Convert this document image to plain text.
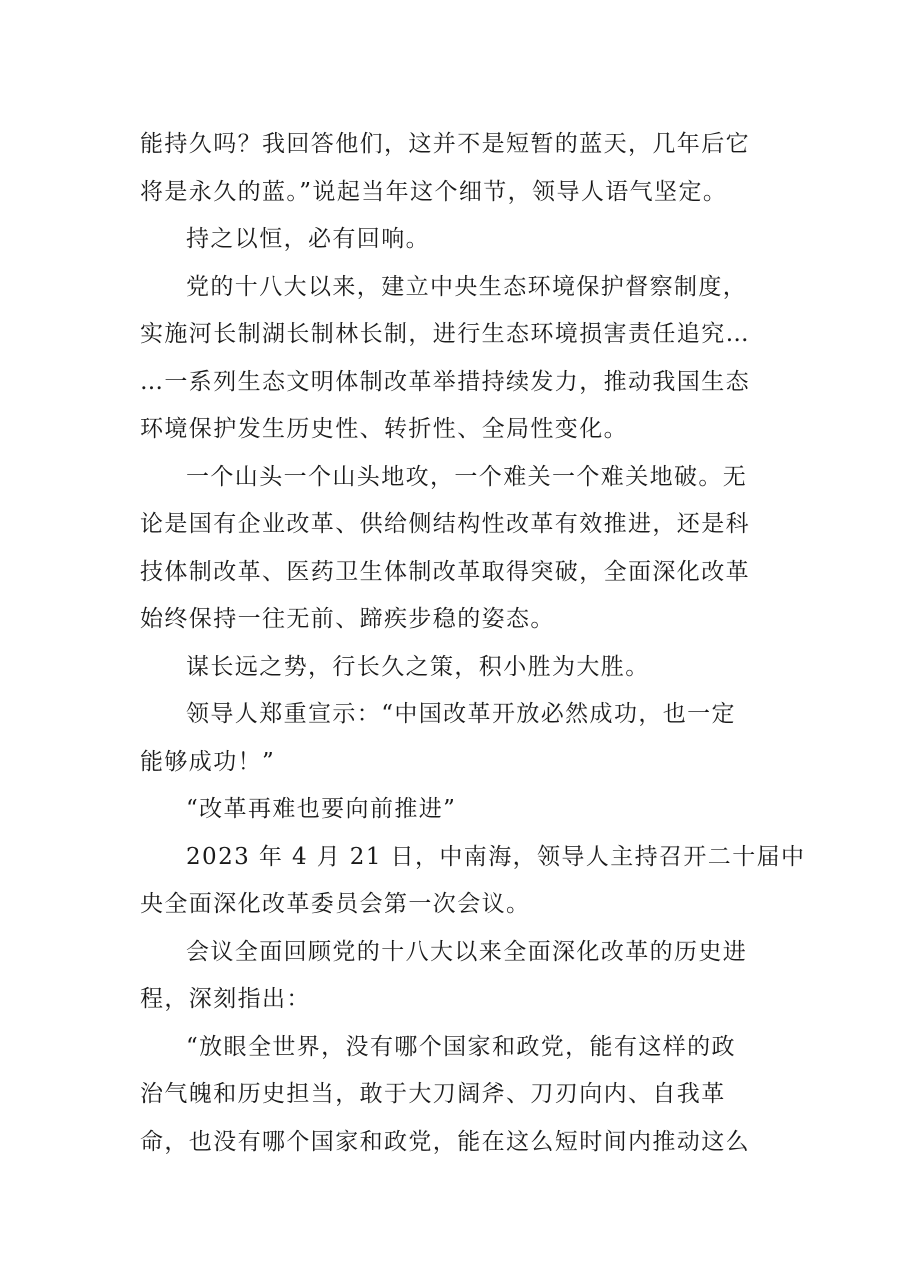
能持久吗？我回答他们，这并不是短暂的蓝天，几年后它
将是永久的蓝。”说起当年这个细节，领导人语气坚定。

持之以恒，必有回响。

党的十八大以来，建立中央生态环境保护督察制度，
实施河长制湖长制林长制，进行生态环境损害责任追究…
…一系列生态文明体制改革举措持续发力，推动我国生态
环境保护发生历史性、转折性、全局性变化。

一个山头一个山头地攻，一个难关一个难关地破。无
论是国有企业改革、供给侧结构性改革有效推进，还是科
技体制改革、医药卫生体制改革取得突破，全面深化改革
始终保持一往无前、蹄疾步稳的姿态。

谋长远之势，行长久之策，积小胜为大胜。

领导人郑重宣示：“中国改革开放必然成功，也一定
能够成功！”

“改革再难也要向前推进”

2023 年 4 月 21 日，中南海，领导人主持召开二十届中
央全面深化改革委员会第一次会议。

会议全面回顾党的十八大以来全面深化改革的历史进
程，深刻指出：

“放眼全世界，没有哪个国家和政党，能有这样的政
治气魄和历史担当，敢于大刀阔斧、刀刃向内、自我革
命，也没有哪个国家和政党，能在这么短时间内推动这么
